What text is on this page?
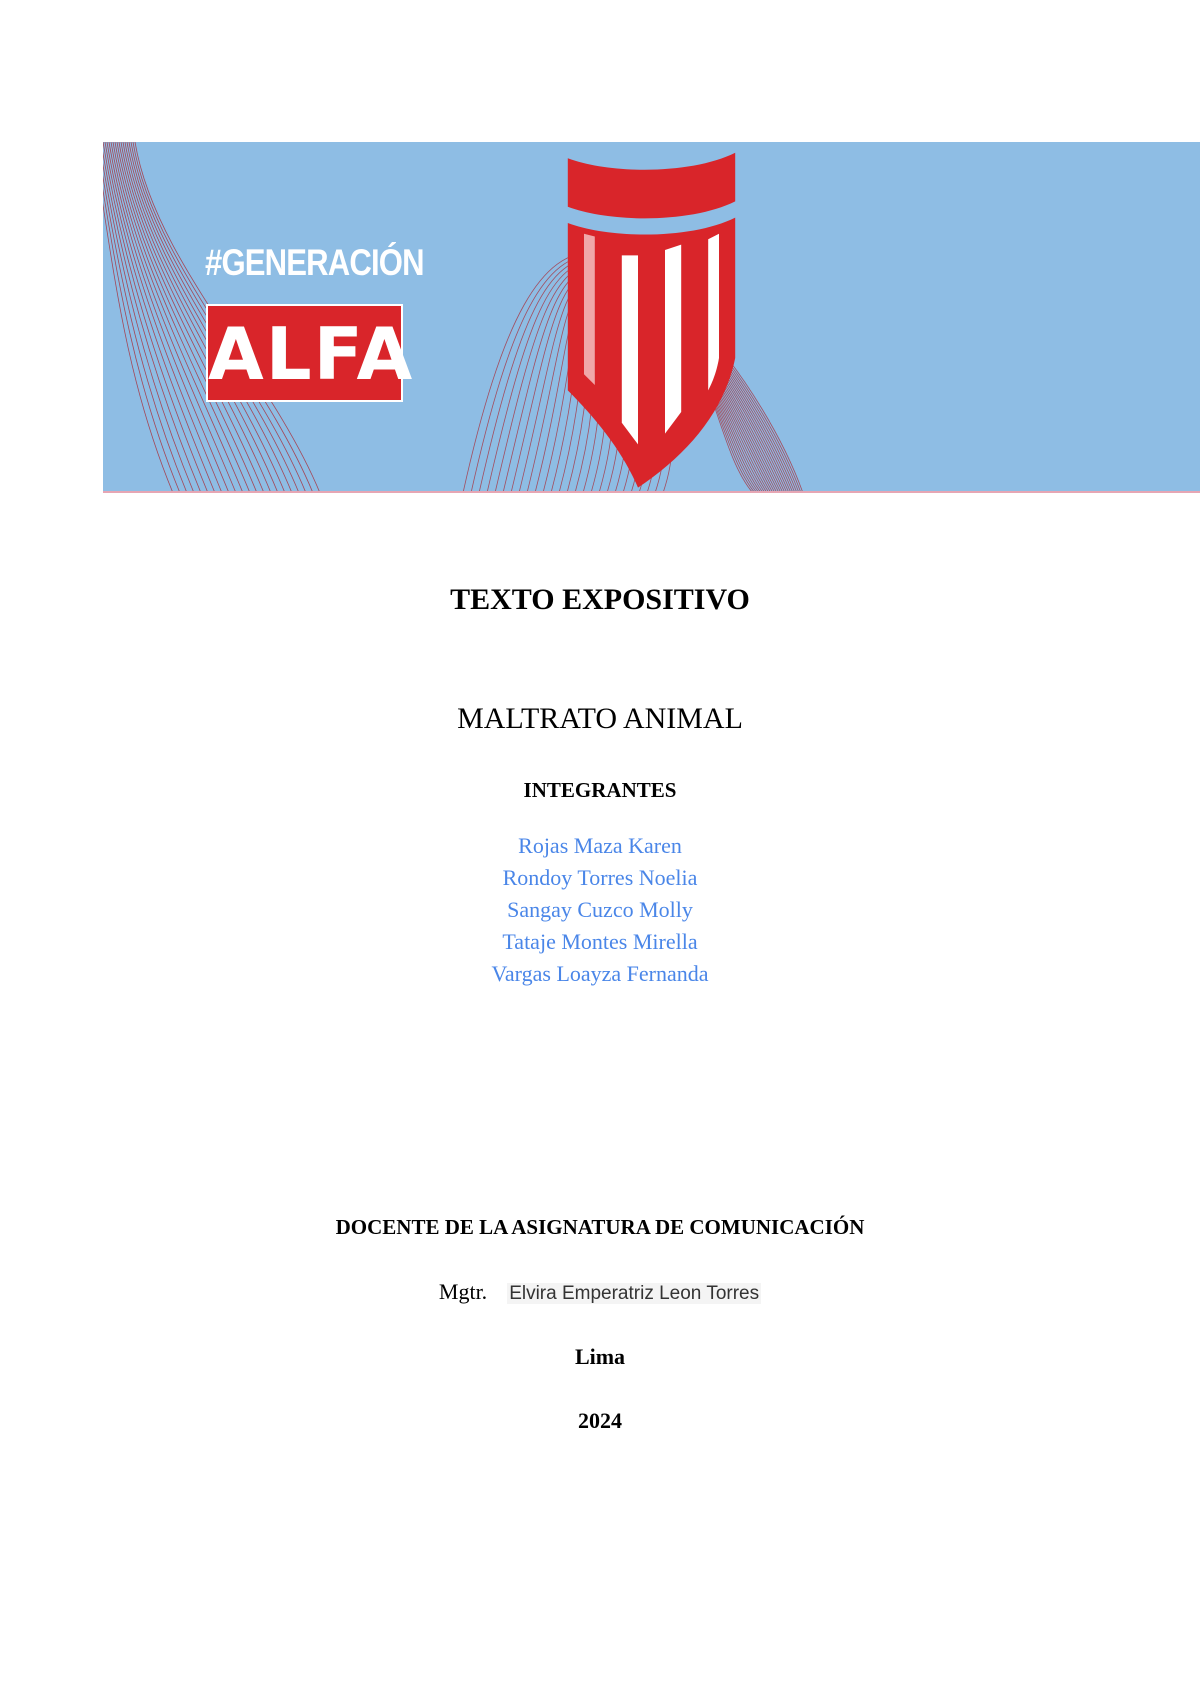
#GENERACIÓN
ALFA
TEXTO EXPOSITIVO
MALTRATO ANIMAL
INTEGRANTES
Rojas Maza Karen
Rondoy Torres Noelia
Sangay Cuzco Molly
Tataje Montes Mirella
Vargas Loayza Fernanda
DOCENTE DE LA ASIGNATURA DE COMUNICACIÓN
Mgtr. Elvira Emperatriz Leon Torres
Lima
2024
